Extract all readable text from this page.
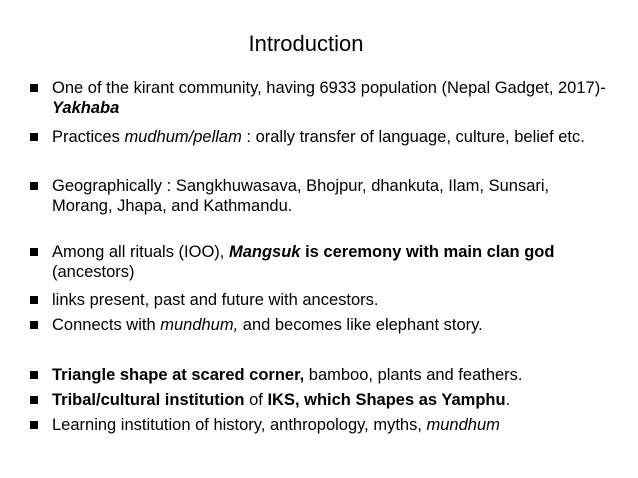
Introduction
One of the kirant community, having 6933 population (Nepal Gadget, 2017)- Yakhaba
Practices mudhum/pellam : orally transfer of language, culture, belief etc.
Geographically : Sangkhuwasava, Bhojpur, dhankuta, Ilam, Sunsari, Morang, Jhapa, and Kathmandu.
Among all rituals (IOO), Mangsuk is ceremony with main clan god (ancestors)
links present, past and future with ancestors.
Connects with mundhum, and becomes like elephant story.
Triangle shape at scared corner, bamboo, plants and feathers.
Tribal/cultural institution of IKS, which Shapes as Yamphu.
Learning institution of history, anthropology, myths, mundhum
